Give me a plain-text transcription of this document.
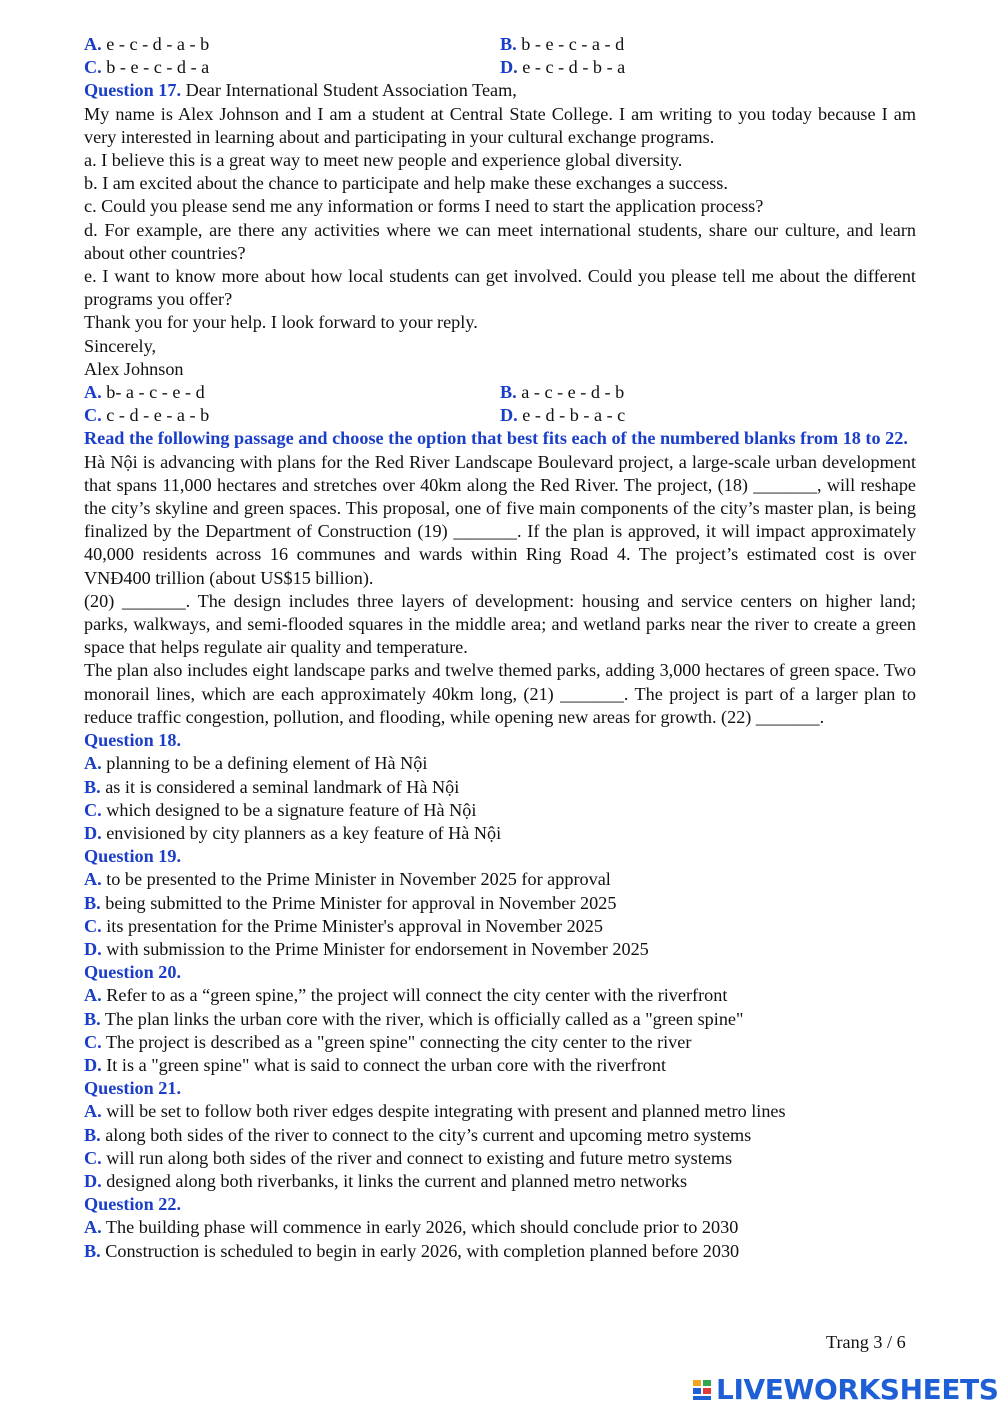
A. e - c - d - a - b	B. b - e - c - a - d
C. b - e - c - d - a	D. e - c - d - b - a
Question 17. Dear International Student Association Team,
My name is Alex Johnson and I am a student at Central State College. I am writing to you today because I am very interested in learning about and participating in your cultural exchange programs.
a. I believe this is a great way to meet new people and experience global diversity.
b. I am excited about the chance to participate and help make these exchanges a success.
c. Could you please send me any information or forms I need to start the application process?
d. For example, are there any activities where we can meet international students, share our culture, and learn about other countries?
e. I want to know more about how local students can get involved. Could you please tell me about the different programs you offer?
Thank you for your help. I look forward to your reply.
Sincerely,
Alex Johnson
A. b- a - c - e - d	B. a - c - e - d - b
C. c - d - e - a - b	D. e - d - b - a - c
Read the following passage and choose the option that best fits each of the numbered blanks from 18 to 22.
Hà Nội is advancing with plans for the Red River Landscape Boulevard project, a large-scale urban development that spans 11,000 hectares and stretches over 40km along the Red River. The project, (18) _______, will reshape the city’s skyline and green spaces. This proposal, one of five main components of the city’s master plan, is being finalized by the Department of Construction (19) _______. If the plan is approved, it will impact approximately 40,000 residents across 16 communes and wards within Ring Road 4. The project’s estimated cost is over VNĐ400 trillion (about US$15 billion).
(20) _______. The design includes three layers of development: housing and service centers on higher land; parks, walkways, and semi-flooded squares in the middle area; and wetland parks near the river to create a green space that helps regulate air quality and temperature.
The plan also includes eight landscape parks and twelve themed parks, adding 3,000 hectares of green space. Two monorail lines, which are each approximately 40km long, (21) _______. The project is part of a larger plan to reduce traffic congestion, pollution, and flooding, while opening new areas for growth. (22) _______.
Question 18.
A. planning to be a defining element of Hà Nội
B. as it is considered a seminal landmark of Hà Nội
C. which designed to be a signature feature of Hà Nội
D. envisioned by city planners as a key feature of Hà Nội
Question 19.
A. to be presented to the Prime Minister in November 2025 for approval
B. being submitted to the Prime Minister for approval in November 2025
C. its presentation for the Prime Minister's approval in November 2025
D. with submission to the Prime Minister for endorsement in November 2025
Question 20.
A. Refer to as a “green spine,” the project will connect the city center with the riverfront
B. The plan links the urban core with the river, which is officially called as a "green spine"
C. The project is described as a "green spine" connecting the city center to the river
D. It is a "green spine" what is said to connect the urban core with the riverfront
Question 21.
A. will be set to follow both river edges despite integrating with present and planned metro lines
B. along both sides of the river to connect to the city’s current and upcoming metro systems
C. will run along both sides of the river and connect to existing and future metro systems
D. designed along both riverbanks, it links the current and planned metro networks
Question 22.
A. The building phase will commence in early 2026, which should conclude prior to 2030
B. Construction is scheduled to begin in early 2026, with completion planned before 2030
Trang 3 / 6
LIVEWORKSHEETS
